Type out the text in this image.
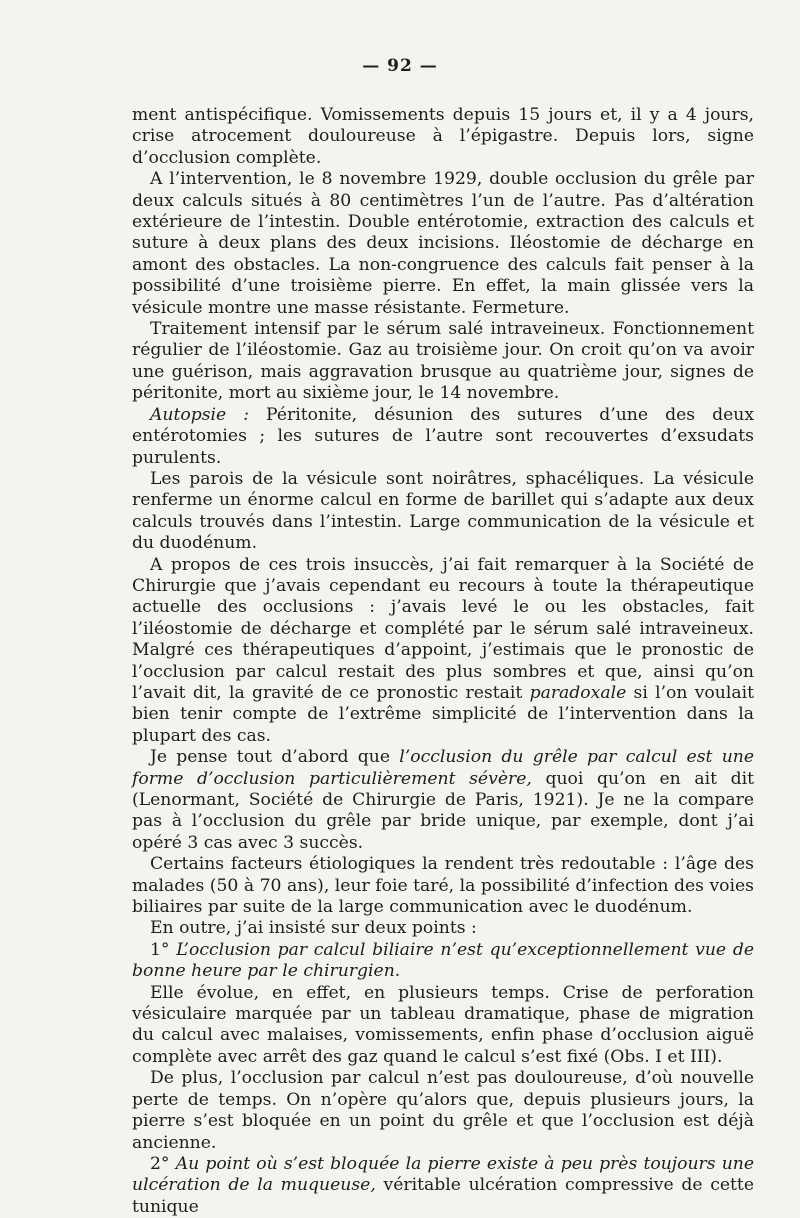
— 92 —

ment antispécifique. Vomissements depuis 15 jours et, il y a 4 jours, crise atrocement douloureuse à l’épigastre. Depuis lors, signe d’occlusion complète.

A l’intervention, le 8 novembre 1929, double occlusion du grêle par deux calculs situés à 80 centimètres l’un de l’autre. Pas d’altération extérieure de l’intestin. Double entérotomie, extraction des calculs et suture à deux plans des deux incisions. Iléostomie de décharge en amont des obstacles. La non-congruence des calculs fait penser à la possibilité d’une troisième pierre. En effet, la main glissée vers la vésicule montre une masse résistante. Fermeture.

Traitement intensif par le sérum salé intraveineux. Fonctionnement régulier de l’iléostomie. Gaz au troisième jour. On croit qu’on va avoir une guérison, mais aggravation brusque au quatrième jour, signes de péritonite, mort au sixième jour, le 14 novembre.

Autopsie : Péritonite, désunion des sutures d’une des deux entérotomies ; les sutures de l’autre sont recouvertes d’exsudats purulents.

Les parois de la vésicule sont noirâtres, sphacéliques. La vésicule renferme un énorme calcul en forme de barillet qui s’adapte aux deux calculs trouvés dans l’intestin. Large communication de la vésicule et du duodénum.

A propos de ces trois insuccès, j’ai fait remarquer à la Société de Chirurgie que j’avais cependant eu recours à toute la thérapeutique actuelle des occlusions : j’avais levé le ou les obstacles, fait l’iléostomie de décharge et complété par le sérum salé intraveineux. Malgré ces thérapeutiques d’appoint, j’estimais que le pronostic de l’occlusion par calcul restait des plus sombres et que, ainsi qu’on l’avait dit, la gravité de ce pronostic restait paradoxale si l’on voulait bien tenir compte de l’extrême simplicité de l’intervention dans la plupart des cas.

Je pense tout d’abord que l’occlusion du grêle par calcul est une forme d’occlusion particulièrement sévère, quoi qu’on en ait dit (Lenormant, Société de Chirurgie de Paris, 1921). Je ne la compare pas à l’occlusion du grêle par bride unique, par exemple, dont j’ai opéré 3 cas avec 3 succès.

Certains facteurs étiologiques la rendent très redoutable : l’âge des malades (50 à 70 ans), leur foie taré, la possibilité d’infection des voies biliaires par suite de la large communication avec le duodénum.

En outre, j’ai insisté sur deux points :

1° L’occlusion par calcul biliaire n’est qu’exceptionnellement vue de bonne heure par le chirurgien.

Elle évolue, en effet, en plusieurs temps. Crise de perforation vésiculaire marquée par un tableau dramatique, phase de migration du calcul avec malaises, vomissements, enfin phase d’occlusion aiguë complète avec arrêt des gaz quand le calcul s’est fixé (Obs. I et III).

De plus, l’occlusion par calcul n’est pas douloureuse, d’où nouvelle perte de temps. On n’opère qu’alors que, depuis plusieurs jours, la pierre s’est bloquée en un point du grêle et que l’occlusion est déjà ancienne.

2° Au point où s’est bloquée la pierre existe à peu près toujours une ulcération de la muqueuse, véritable ulcération compressive de cette tunique
